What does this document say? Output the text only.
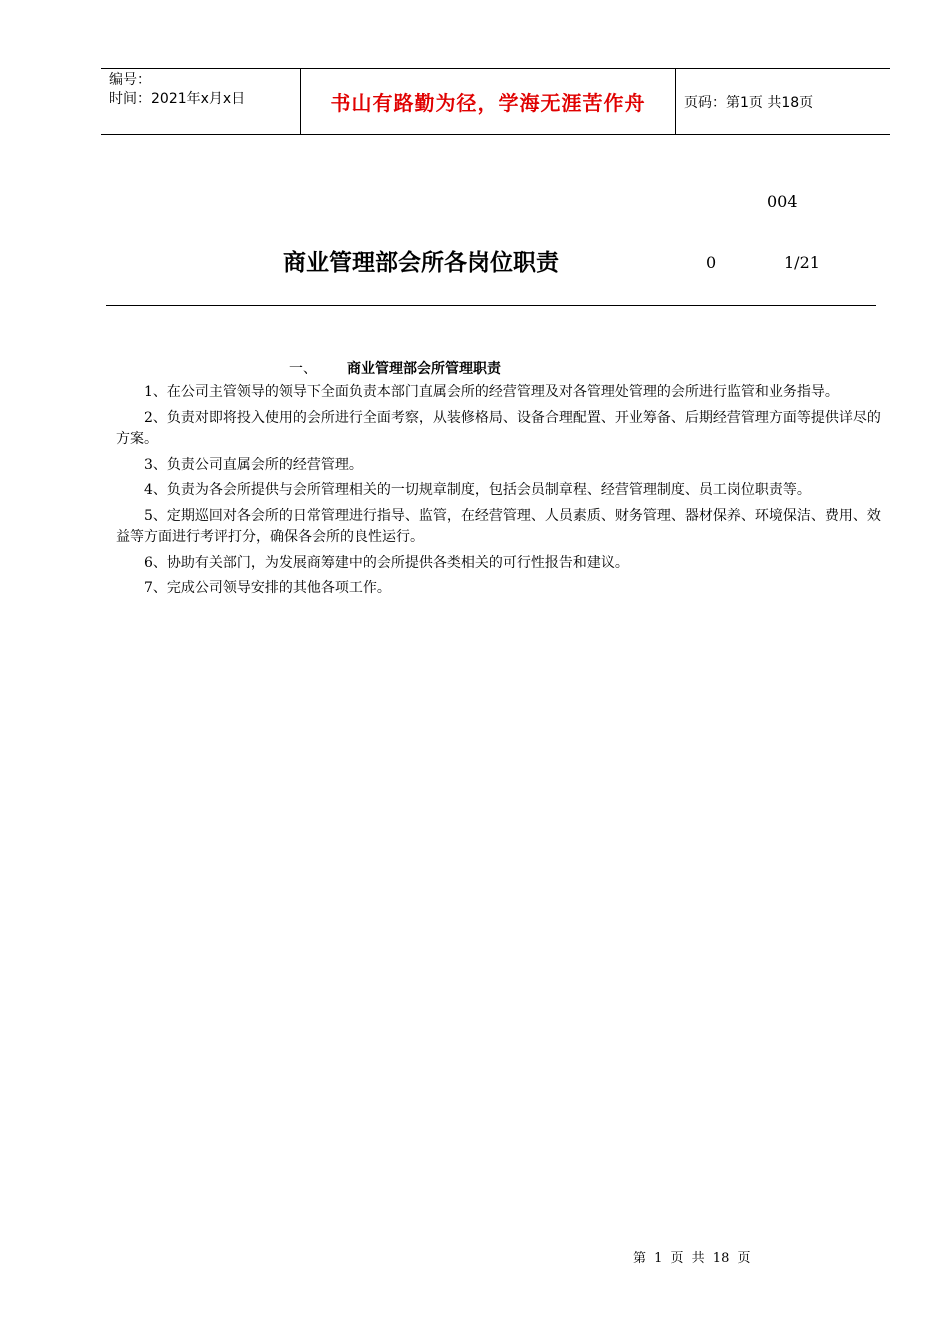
编号：
时间：2021年x月x日	书山有路勤为径，学海无涯苦作舟	页码：第1页 共18页
004
商业管理部会所各岗位职责	0	1/21
一、 商业管理部会所管理职责

1、在公司主管领导的领导下全面负责本部门直属会所的经营管理及对各管理处管理的会所进行监管和业务指导。

2、负责对即将投入使用的会所进行全面考察，从装修格局、设备合理配置、开业筹备、后期经营管理方面等提供详尽的方案。

3、负责公司直属会所的经营管理。

4、负责为各会所提供与会所管理相关的一切规章制度，包括会员制章程、经营管理制度、员工岗位职责等。

5、定期巡回对各会所的日常管理进行指导、监管，在经营管理、人员素质、财务管理、器材保养、环境保洁、费用、效益等方面进行考评打分，确保各会所的良性运行。

6、协助有关部门，为发展商筹建中的会所提供各类相关的可行性报告和建议。

7、完成公司领导安排的其他各项工作。

第 1 页 共 18 页
